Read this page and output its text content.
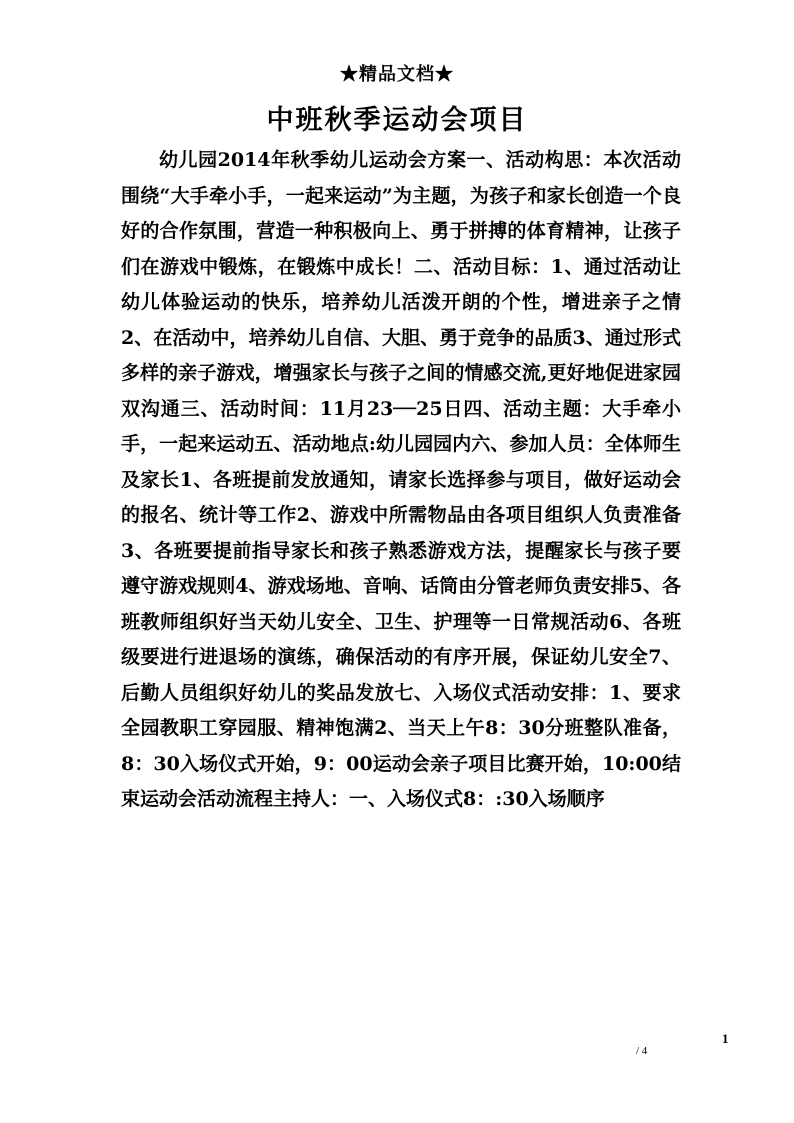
★精品文档★
中班秋季运动会项目

幼儿园2014年秋季幼儿运动会方案一、活动构思：本次活动围绕“大手牵小手，一起来运动”为主题，为孩子和家长创造一个良好的合作氛围，营造一种积极向上、勇于拼搏的体育精神，让孩子们在游戏中锻炼，在锻炼中成长！二、活动目标：1、通过活动让幼儿体验运动的快乐，培养幼儿活泼开朗的个性，增进亲子之情2、在活动中，培养幼儿自信、大胆、勇于竞争的品质3、通过形式多样的亲子游戏，增强家长与孩子之间的情感交流,更好地促进家园双沟通三、活动时间：11月23──25日四、活动主题：大手牵小手，一起来运动五、活动地点:幼儿园园内六、参加人员：全体师生及家长1、各班提前发放通知，请家长选择参与项目，做好运动会的报名、统计等工作2、游戏中所需物品由各项目组织人负责准备3、各班要提前指导家长和孩子熟悉游戏方法，提醒家长与孩子要遵守游戏规则4、游戏场地、音响、话筒由分管老师负责安排5、各班教师组织好当天幼儿安全、卫生、护理等一日常规活动6、各班级要进行进退场的演练，确保活动的有序开展，保证幼儿安全7、后勤人员组织好幼儿的奖品发放七、入场仪式活动安排：1、要求全园教职工穿园服、精神饱满2、当天上午8：30分班整队准备，8：30入场仪式开始，9：00运动会亲子项目比赛开始，10:00结束运动会活动流程主持人：一、入场仪式8：:30入场顺序

1
/ 4
